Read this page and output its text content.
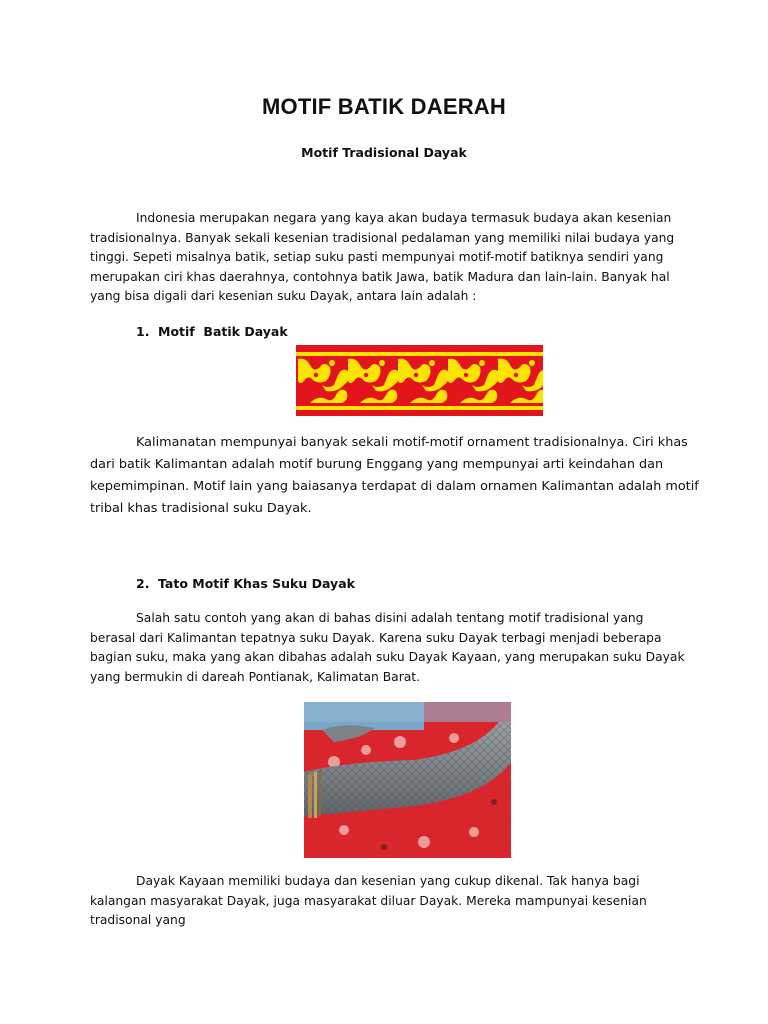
MOTIF BATIK DAERAH

Motif Tradisional Dayak

Indonesia merupakan negara yang kaya akan budaya termasuk budaya akan kesenian tradisionalnya. Banyak sekali kesenian tradisional pedalaman yang memiliki nilai budaya yang tinggi. Sepeti misalnya batik, setiap suku pasti mempunyai motif-motif batiknya sendiri yang merupakan ciri khas daerahnya, contohnya batik Jawa, batik Madura dan lain-lain. Banyak hal yang bisa digali dari kesenian suku Dayak, antara lain adalah :

1. Motif  Batik Dayak

Kalimanatan mempunyai banyak sekali motif-motif ornament tradisionalnya. Ciri khas dari batik Kalimantan adalah motif burung Enggang yang mempunyai arti keindahan dan kepemimpinan. Motif lain yang baiasanya terdapat di dalam ornamen Kalimantan adalah motif tribal khas tradisional suku Dayak.

2. Tato Motif Khas Suku Dayak

Salah satu contoh yang akan di bahas disini adalah tentang motif tradisional yang berasal dari Kalimantan tepatnya suku Dayak. Karena suku Dayak terbagi menjadi beberapa bagian suku, maka yang akan dibahas adalah suku Dayak Kayaan, yang merupakan suku Dayak yang bermukin di dareah Pontianak, Kalimatan Barat.

Dayak Kayaan memiliki budaya dan kesenian yang cukup dikenal. Tak hanya bagi kalangan masyarakat Dayak, juga masyarakat diluar Dayak. Mereka mampunyai kesenian tradisonal yang
